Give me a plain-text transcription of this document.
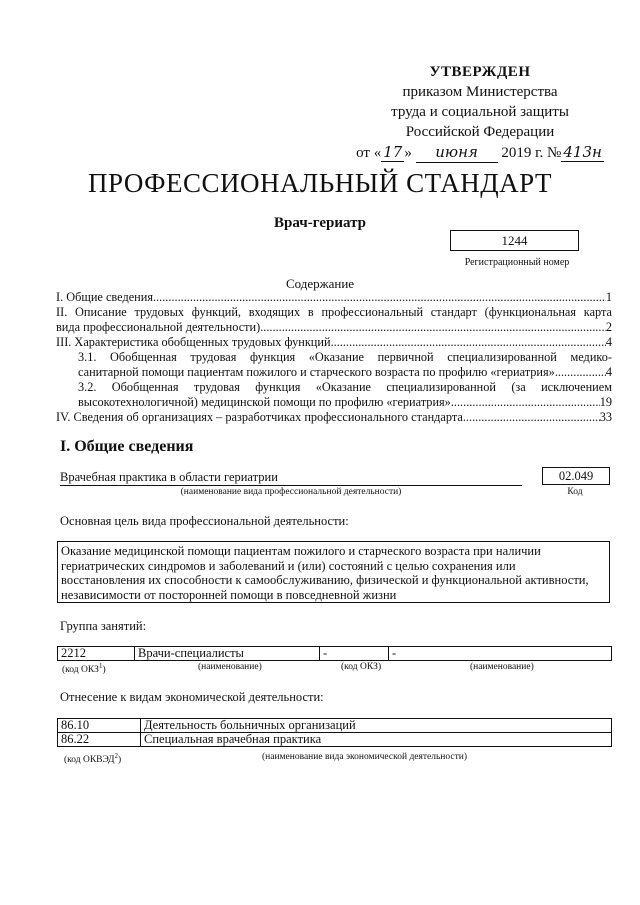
УТВЕРЖДЕН
приказом Министерства
труда и социальной защиты
Российской Федерации
от « 17 » июня 2019 г. № 413н
ПРОФЕССИОНАЛЬНЫЙ СТАНДАРТ
Врач-гериатр
1244
Регистрационный номер
Содержание
I. Общие сведения .....	1
II. Описание трудовых функций, входящих в профессиональный стандарт (функциональная карта
вида профессиональной деятельности) .....	2
III. Характеристика обобщенных трудовых функций .....	4
3.1. Обобщенная трудовая функция «Оказание первичной специализированной медико-
санитарной помощи пациентам пожилого и старческого возраста по профилю «гериатрия» .....	4
3.2. Обобщенная трудовая функция «Оказание специализированной (за исключением
высокотехнологичной) медицинской помощи по профилю «гериатрия» .....	19
IV. Сведения об организациях – разработчиках профессионального стандарта .....	33
I. Общие сведения
Врачебная практика в области гериатрии
(наименование вида профессиональной деятельности)
02.049
Код
Основная цель вида профессиональной деятельности:
Оказание медицинской помощи пациентам пожилого и старческого возраста при наличии
гериатрических синдромов и заболеваний и (или) состояний с целью сохранения или
восстановления их способности к самообслуживанию, физической и функциональной активности,
независимости от посторонней помощи в повседневной жизни
Группа занятий:
2212	Врачи-специалисты	-	-
(код ОКЗ$^1$)	(наименование)	(код ОКЗ)	(наименование)
Отнесение к видам экономической деятельности:
86.10	Деятельность больничных организаций
86.22	Специальная врачебная практика
(код ОКВЭД$^2$)	(наименование вида экономической деятельности)
